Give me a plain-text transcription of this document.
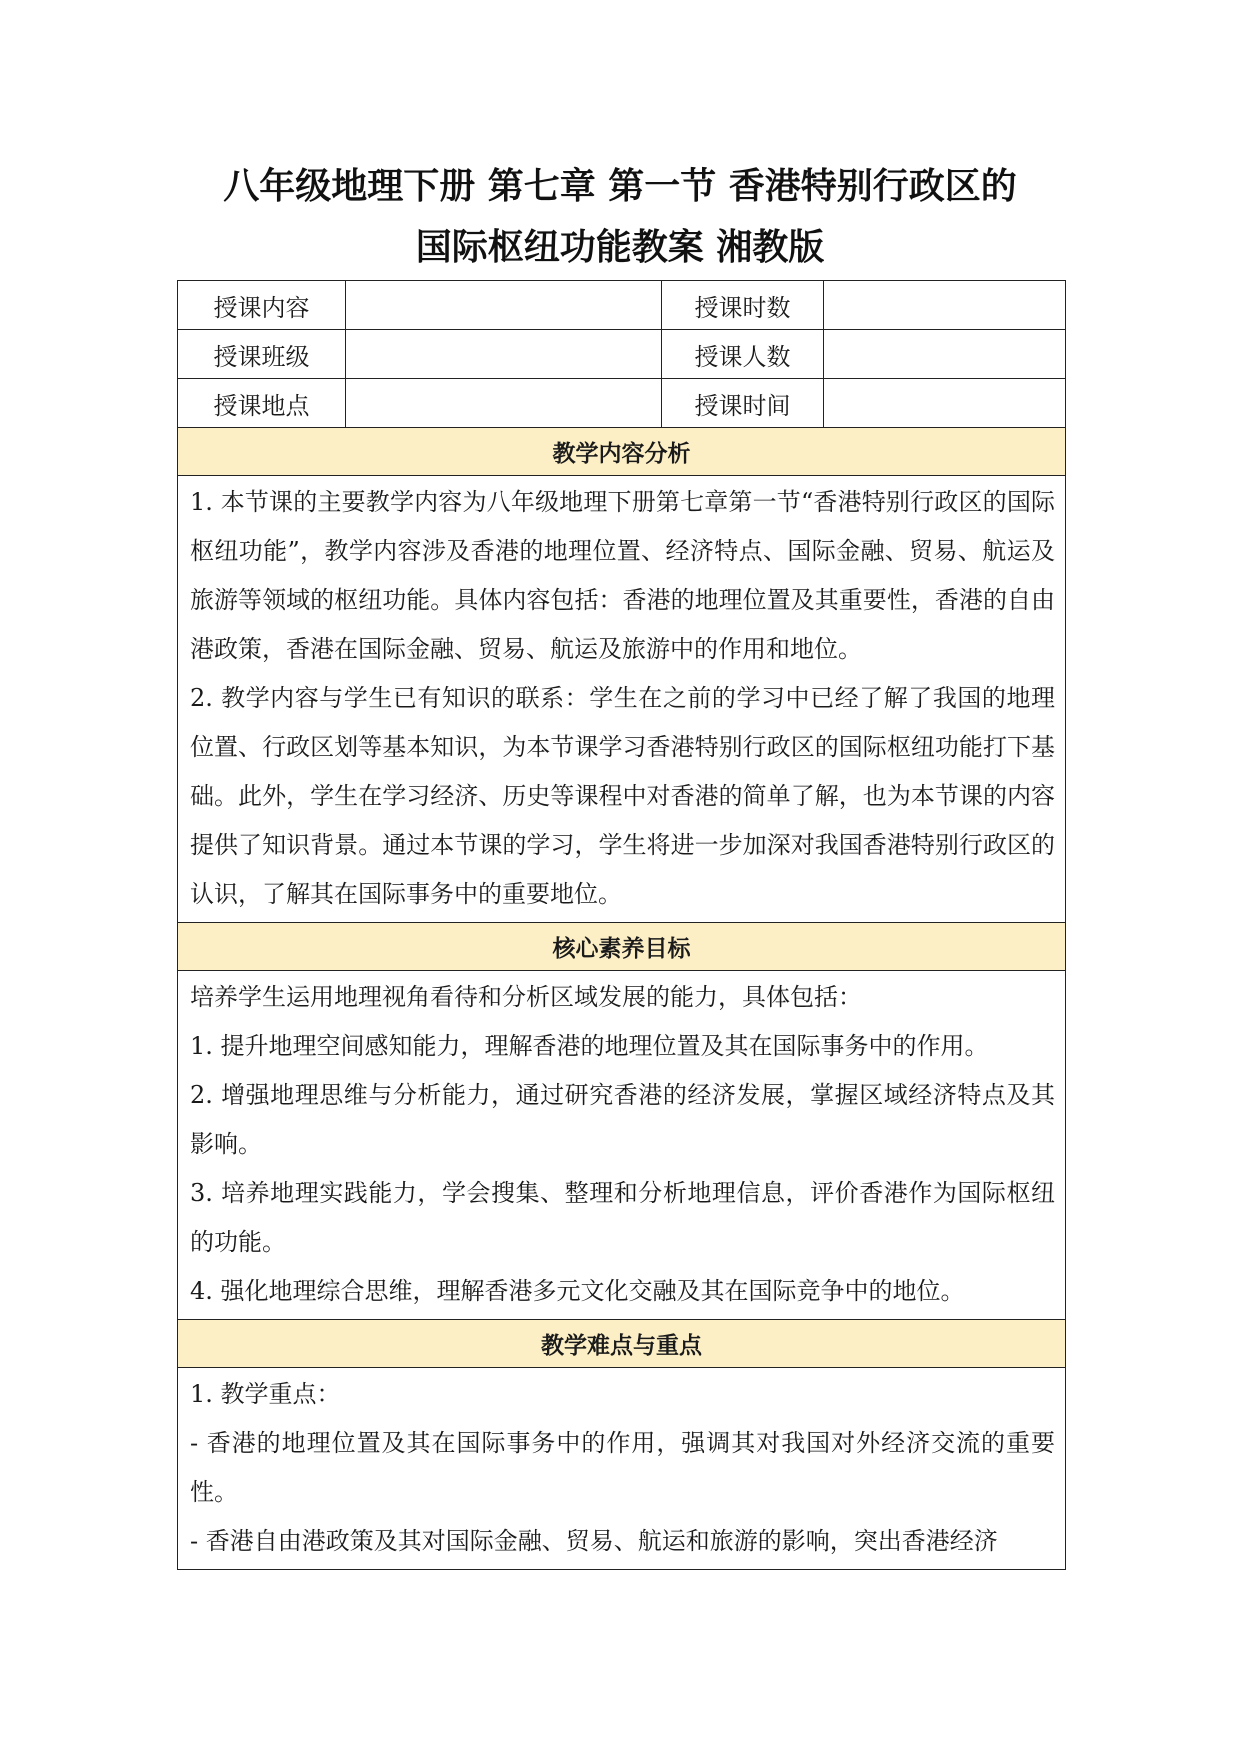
八年级地理下册 第七章 第一节 香港特别行政区的
国际枢纽功能教案 湘教版
授课内容		授课时数	
授课班级		授课人数	
授课地点		授课时间	
教学内容分析			

1. 本节课的主要教学内容为八年级地理下册第七章第一节“香港特别行政区的国际枢纽功能”，教学内容涉及香港的地理位置、经济特点、国际金融、贸易、航运及旅游等领域的枢纽功能。具体内容包括：香港的地理位置及其重要性，香港的自由港政策，香港在国际金融、贸易、航运及旅游中的作用和地位。

2. 教学内容与学生已有知识的联系：学生在之前的学习中已经了解了我国的地理位置、行政区划等基本知识，为本节课学习香港特别行政区的国际枢纽功能打下基础。此外，学生在学习经济、历史等课程中对香港的简单了解，也为本节课的内容提供了知识背景。通过本节课的学习，学生将进一步加深对我国香港特别行政区的认识，了解其在国际事务中的重要地位。			

核心素养目标			

培养学生运用地理视角看待和分析区域发展的能力，具体包括：

1. 提升地理空间感知能力，理解香港的地理位置及其在国际事务中的作用。

2. 增强地理思维与分析能力，通过研究香港的经济发展，掌握区域经济特点及其影响。

3. 培养地理实践能力，学会搜集、整理和分析地理信息，评价香港作为国际枢纽的功能。

4. 强化地理综合思维，理解香港多元文化交融及其在国际竞争中的地位。			

教学难点与重点			

1. 教学重点：

- 香港的地理位置及其在国际事务中的作用，强调其对我国对外经济交流的重要性。

- 香港自由港政策及其对国际金融、贸易、航运和旅游的影响，突出香港经济			
